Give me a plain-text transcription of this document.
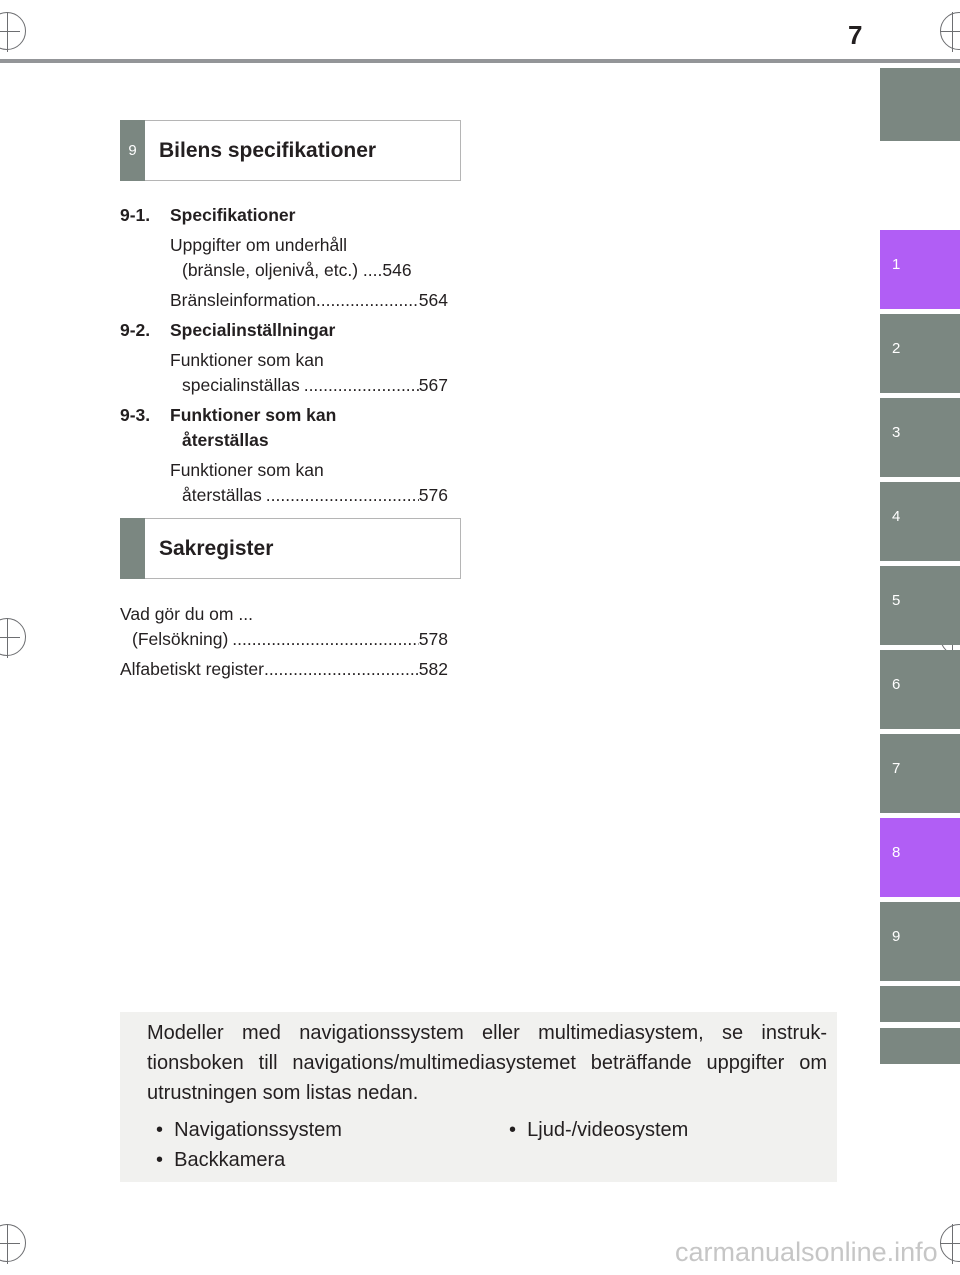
7
1
2
3
4
5
6
7
8
9
9	Bilens specifikationer
9-1. Specifikationer
Uppgifter om underhåll
(bränsle, oljenivå, etc.) .... 546
Bränsleinformation .....	564
9-2. Specialinställningar
Funktioner som kan
specialinställas .....	567
9-3. Funktioner som kan
återställas
Funktioner som kan
återställas .....	576
Sakregister
Vad gör du om ...
(Felsökning) .....	578
Alfabetiskt register .....	582
Modeller med navigationssystem eller multimediasystem, se instruk-tionsboken till navigations/multimediasystemet beträffande uppgifter om utrustningen som listas nedan.
•  Navigationssystem
•  Backkamera
•  Ljud-/videosystem
carmanualsonline.info
